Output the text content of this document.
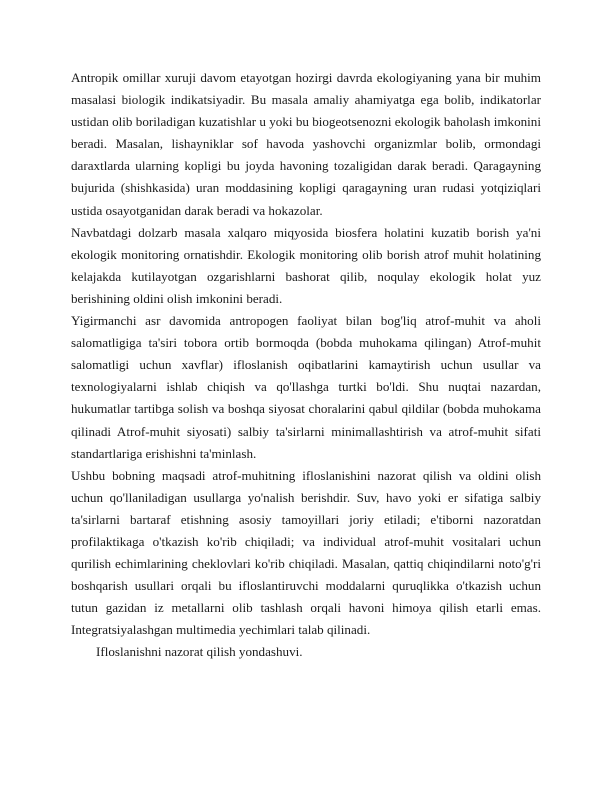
Antropik omillar xuruji davom etayotgan hozirgi davrda ekologiyaning yana bir muhim masalasi biologik indikatsiyadir. Bu masala amaliy ahamiyatga ega bolib, indikatorlar ustidan olib boriladigan kuzatishlar u yoki bu biogeotsenozni ekologik baholash imkonini beradi. Masalan, lishayniklar sof havoda yashovchi organizmlar bolib, ormondagi daraxtlarda ularning kopligi bu joyda havoning tozaligidan darak beradi. Qaragayning bujurida (shishkasida) uran moddasining kopligi qaragayning uran rudasi yotqiziqlari ustida osayotganidan darak beradi va hokazolar.

Navbatdagi dolzarb masala xalqaro miqyosida biosfera holatini kuzatib borish ya'ni ekologik monitoring ornatishdir. Ekologik monitoring olib borish atrof muhit holatining kelajakda kutilayotgan ozgarishlarni bashorat qilib, noqulay ekologik holat yuz berishining oldini olish imkonini beradi.

Yigirmanchi asr davomida antropogen faoliyat bilan bog'liq atrof-muhit va aholi salomatligiga ta'siri tobora ortib bormoqda (bobda muhokama qilingan) Atrof-muhit salomatligi uchun xavflar) ifloslanish oqibatlarini kamaytirish uchun usullar va texnologiyalarni ishlab chiqish va qo'llashga turtki bo'ldi. Shu nuqtai nazardan, hukumatlar tartibga solish va boshqa siyosat choralarini qabul qildilar (bobda muhokama qilinadi Atrof-muhit siyosati) salbiy ta'sirlarni minimallashtirish va atrof-muhit sifati standartlariga erishishni ta'minlash.

Ushbu bobning maqsadi atrof-muhitning ifloslanishini nazorat qilish va oldini olish uchun qo'llaniladigan usullarga yo'nalish berishdir. Suv, havo yoki er sifatiga salbiy ta'sirlarni bartaraf etishning asosiy tamoyillari joriy etiladi; e'tiborni nazoratdan profilaktikaga o'tkazish ko'rib chiqiladi; va individual atrof-muhit vositalari uchun qurilish echimlarining cheklovlari ko'rib chiqiladi. Masalan, qattiq chiqindilarni noto'g'ri boshqarish usullari orqali bu ifloslantiruvchi moddalarni quruqlikka o'tkazish uchun tutun gazidan iz metallarni olib tashlash orqali havoni himoya qilish etarli emas. Integratsiyalashgan multimedia yechimlari talab qilinadi.

Ifloslanishni nazorat qilish yondashuvi.
